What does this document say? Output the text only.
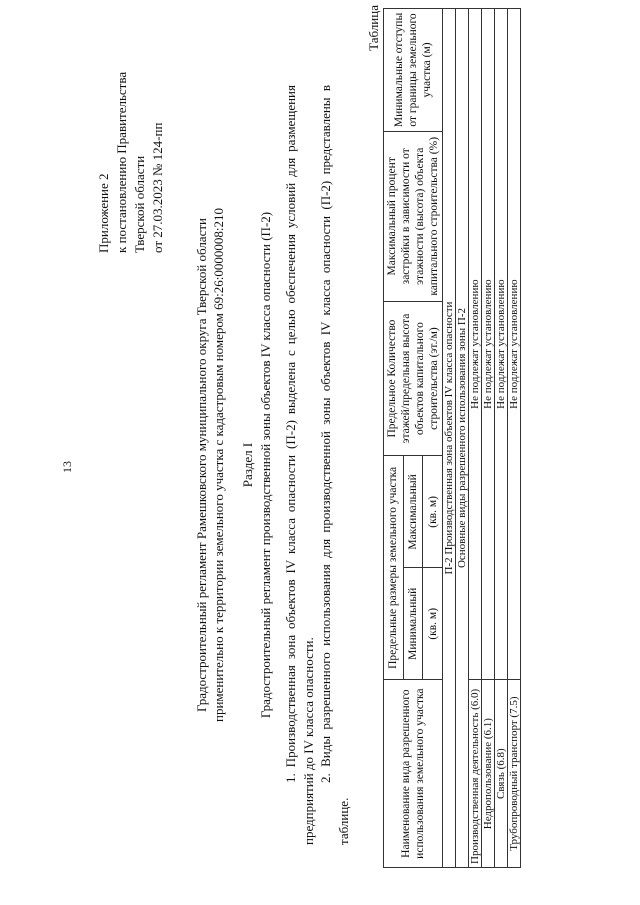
13
Приложение 2 к постановлению Правительства Тверской области от 27.03.2023 № 124-пп
Градостроительный регламент Рамешковского муниципального округа Тверской области применительно к территории земельного участка с кадастровым номером 69:26:0000008:210 Раздел I Градостроительный регламент производственной зоны объектов IV класса опасности (П-2) 1. Производственная зона объектов IV класса опасности (П-2) выделена с целью обеспечения условий для размещения предприятий до IV класса опасности. 2. Виды разрешенного использования для производственной зоны объектов IV класса опасности (П-2) представлены в таблице.

Таблица
Наименование вида разрешенного использования земельного участка	Предельные размеры земельного участка		Предельное Количество этажей/предельная высота объектов капитального строительства (эт./м)	Максимальный процент застройки в зависимости от этажности (высота) объекта капитального строительства (%)	Минимальные отступы от границы земельного участка (м)
	Минимальный	Максимальный			
	(кв. м)	(кв. м)			
П-2 Производственная зона объектов IV класса опасности					
Основные виды разрешенного использования зоны П-2					
Производственная деятельность (6.0)	Не подлежат установлению				
Недропользование (6.1)	Не подлежат установлению				
Связь (6.8)	Не подлежат установлению				
Трубопроводный транспорт (7.5)	Не подлежат установлению				
